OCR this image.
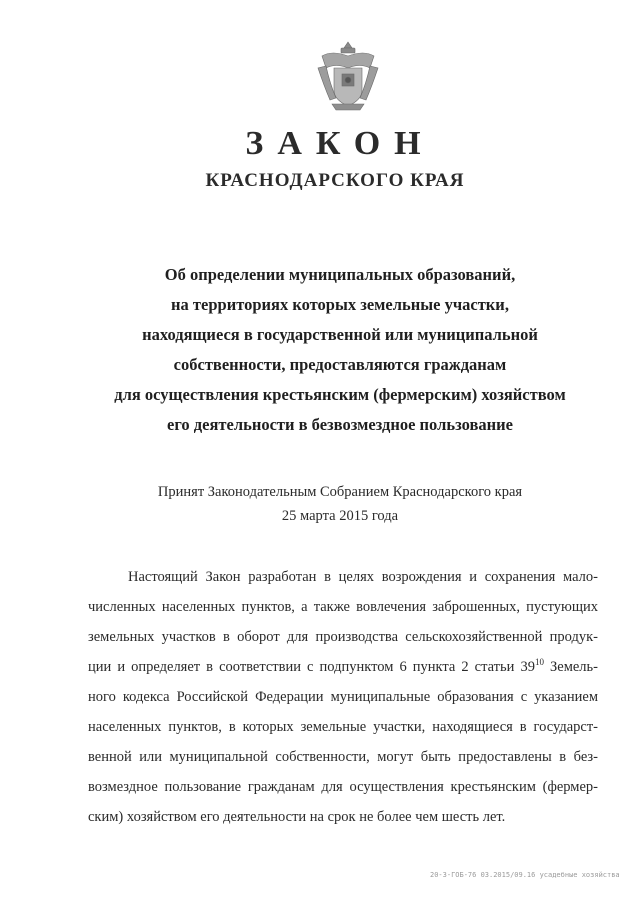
ЗАКОН
КРАСНОДАРСКОГО КРАЯ
Об определении муниципальных образований,
на территориях которых земельные участки,
находящиеся в государственной или муниципальной
собственности, предоставляются гражданам
для осуществления крестьянским (фермерским) хозяйством
его деятельности в безвозмездное пользование
Принят Законодательным Собранием Краснодарского края
25 марта 2015 года
Настоящий Закон разработан в целях возрождения и сохранения мало-
численных населенных пунктов, а также вовлечения заброшенных, пустующих
земельных участков в оборот для производства сельскохозяйственной продук-
ции и определяет в соответствии с подпунктом 6 пункта 2 статьи $39^{10}$ Земель-
ного кодекса Российской Федерации муниципальные образования с указанием
населенных пунктов, в которых земельные участки, находящиеся в государст-
венной или муниципальной собственности, могут быть предоставлены в без-
возмездное пользование гражданам для осуществления крестьянским (фермер-
ским) хозяйством его деятельности на срок не более чем шесть лет.
20-3-ГОБ-76 03.2015/09.16 усадебные хозяйства
